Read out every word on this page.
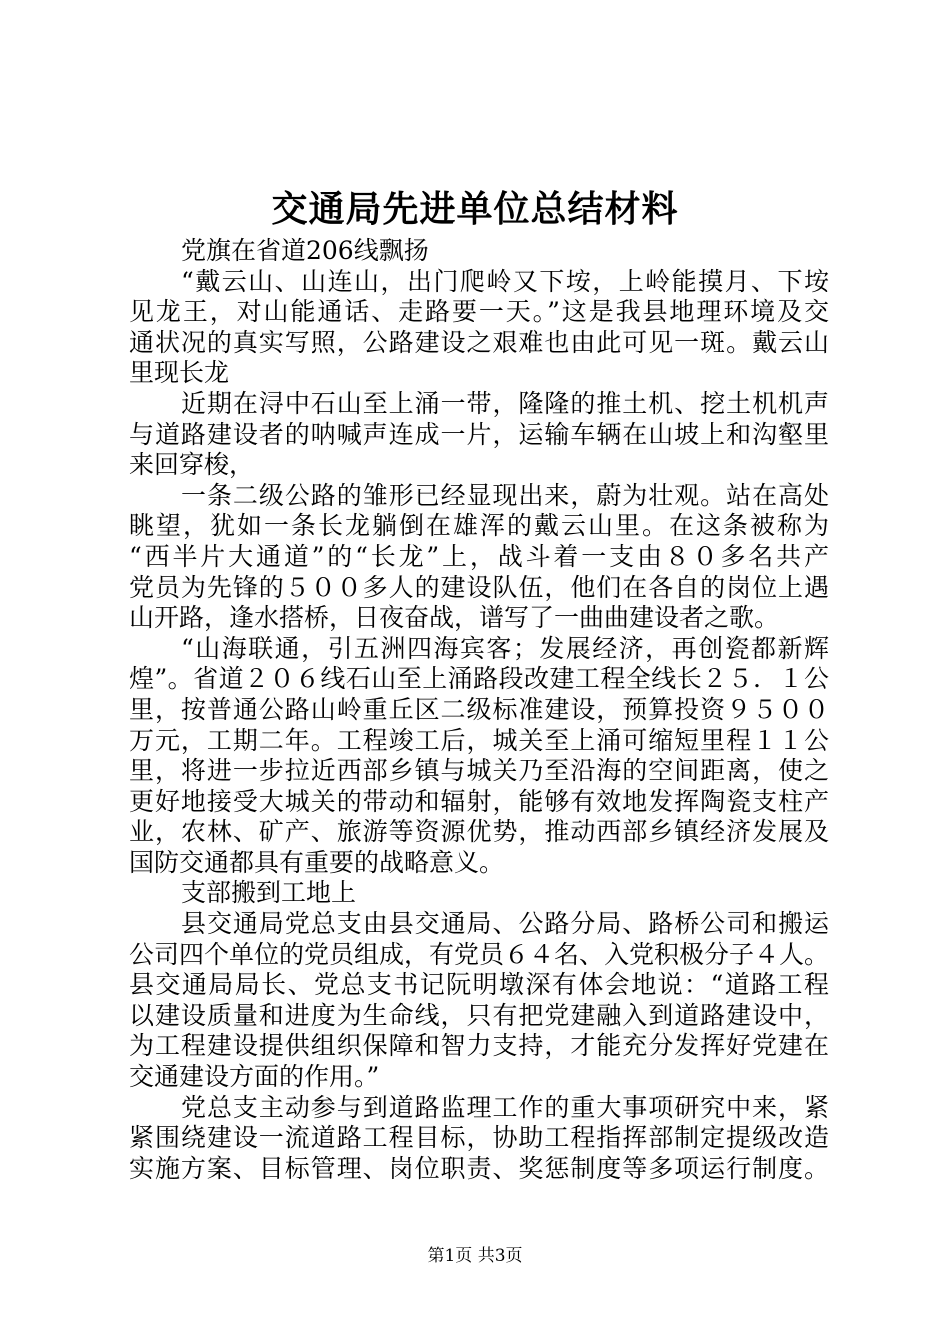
交通局先进单位总结材料
党旗在省道206线飘扬
“戴云山、山连山，出门爬岭又下垵，上岭能摸月、下垵
见龙王，对山能通话、走路要一天。”这是我县地理环境及交
通状况的真实写照，公路建设之艰难也由此可见一斑。戴云山
里现长龙
近期在浔中石山至上涌一带，隆隆的推土机、挖土机机声
与道路建设者的呐喊声连成一片，运输车辆在山坡上和沟壑里
来回穿梭，
一条二级公路的雏形已经显现出来，蔚为壮观。站在高处
眺望，犹如一条长龙躺倒在雄浑的戴云山里。在这条被称为
“西半片大通道”的“长龙”上，战斗着一支由８０多名共产
党员为先锋的５００多人的建设队伍，他们在各自的岗位上遇
山开路，逢水搭桥，日夜奋战，谱写了一曲曲建设者之歌。
“山海联通，引五洲四海宾客；发展经济，再创瓷都新辉
煌”。省道２０６线石山至上涌路段改建工程全线长２５．１公
里，按普通公路山岭重丘区二级标准建设，预算投资９５００
万元，工期二年。工程竣工后，城关至上涌可缩短里程１１公
里，将进一步拉近西部乡镇与城关乃至沿海的空间距离，使之
更好地接受大城关的带动和辐射，能够有效地发挥陶瓷支柱产
业，农林、矿产、旅游等资源优势，推动西部乡镇经济发展及
国防交通都具有重要的战略意义。
支部搬到工地上
县交通局党总支由县交通局、公路分局、路桥公司和搬运
公司四个单位的党员组成，有党员６４名、入党积极分子４人。
县交通局局长、党总支书记阮明墩深有体会地说：“道路工程
以建设质量和进度为生命线，只有把党建融入到道路建设中，
为工程建设提供组织保障和智力支持，才能充分发挥好党建在
交通建设方面的作用。”
党总支主动参与到道路监理工作的重大事项研究中来，紧
紧围绕建设一流道路工程目标，协助工程指挥部制定提级改造
实施方案、目标管理、岗位职责、奖惩制度等多项运行制度。
第1页 共3页
